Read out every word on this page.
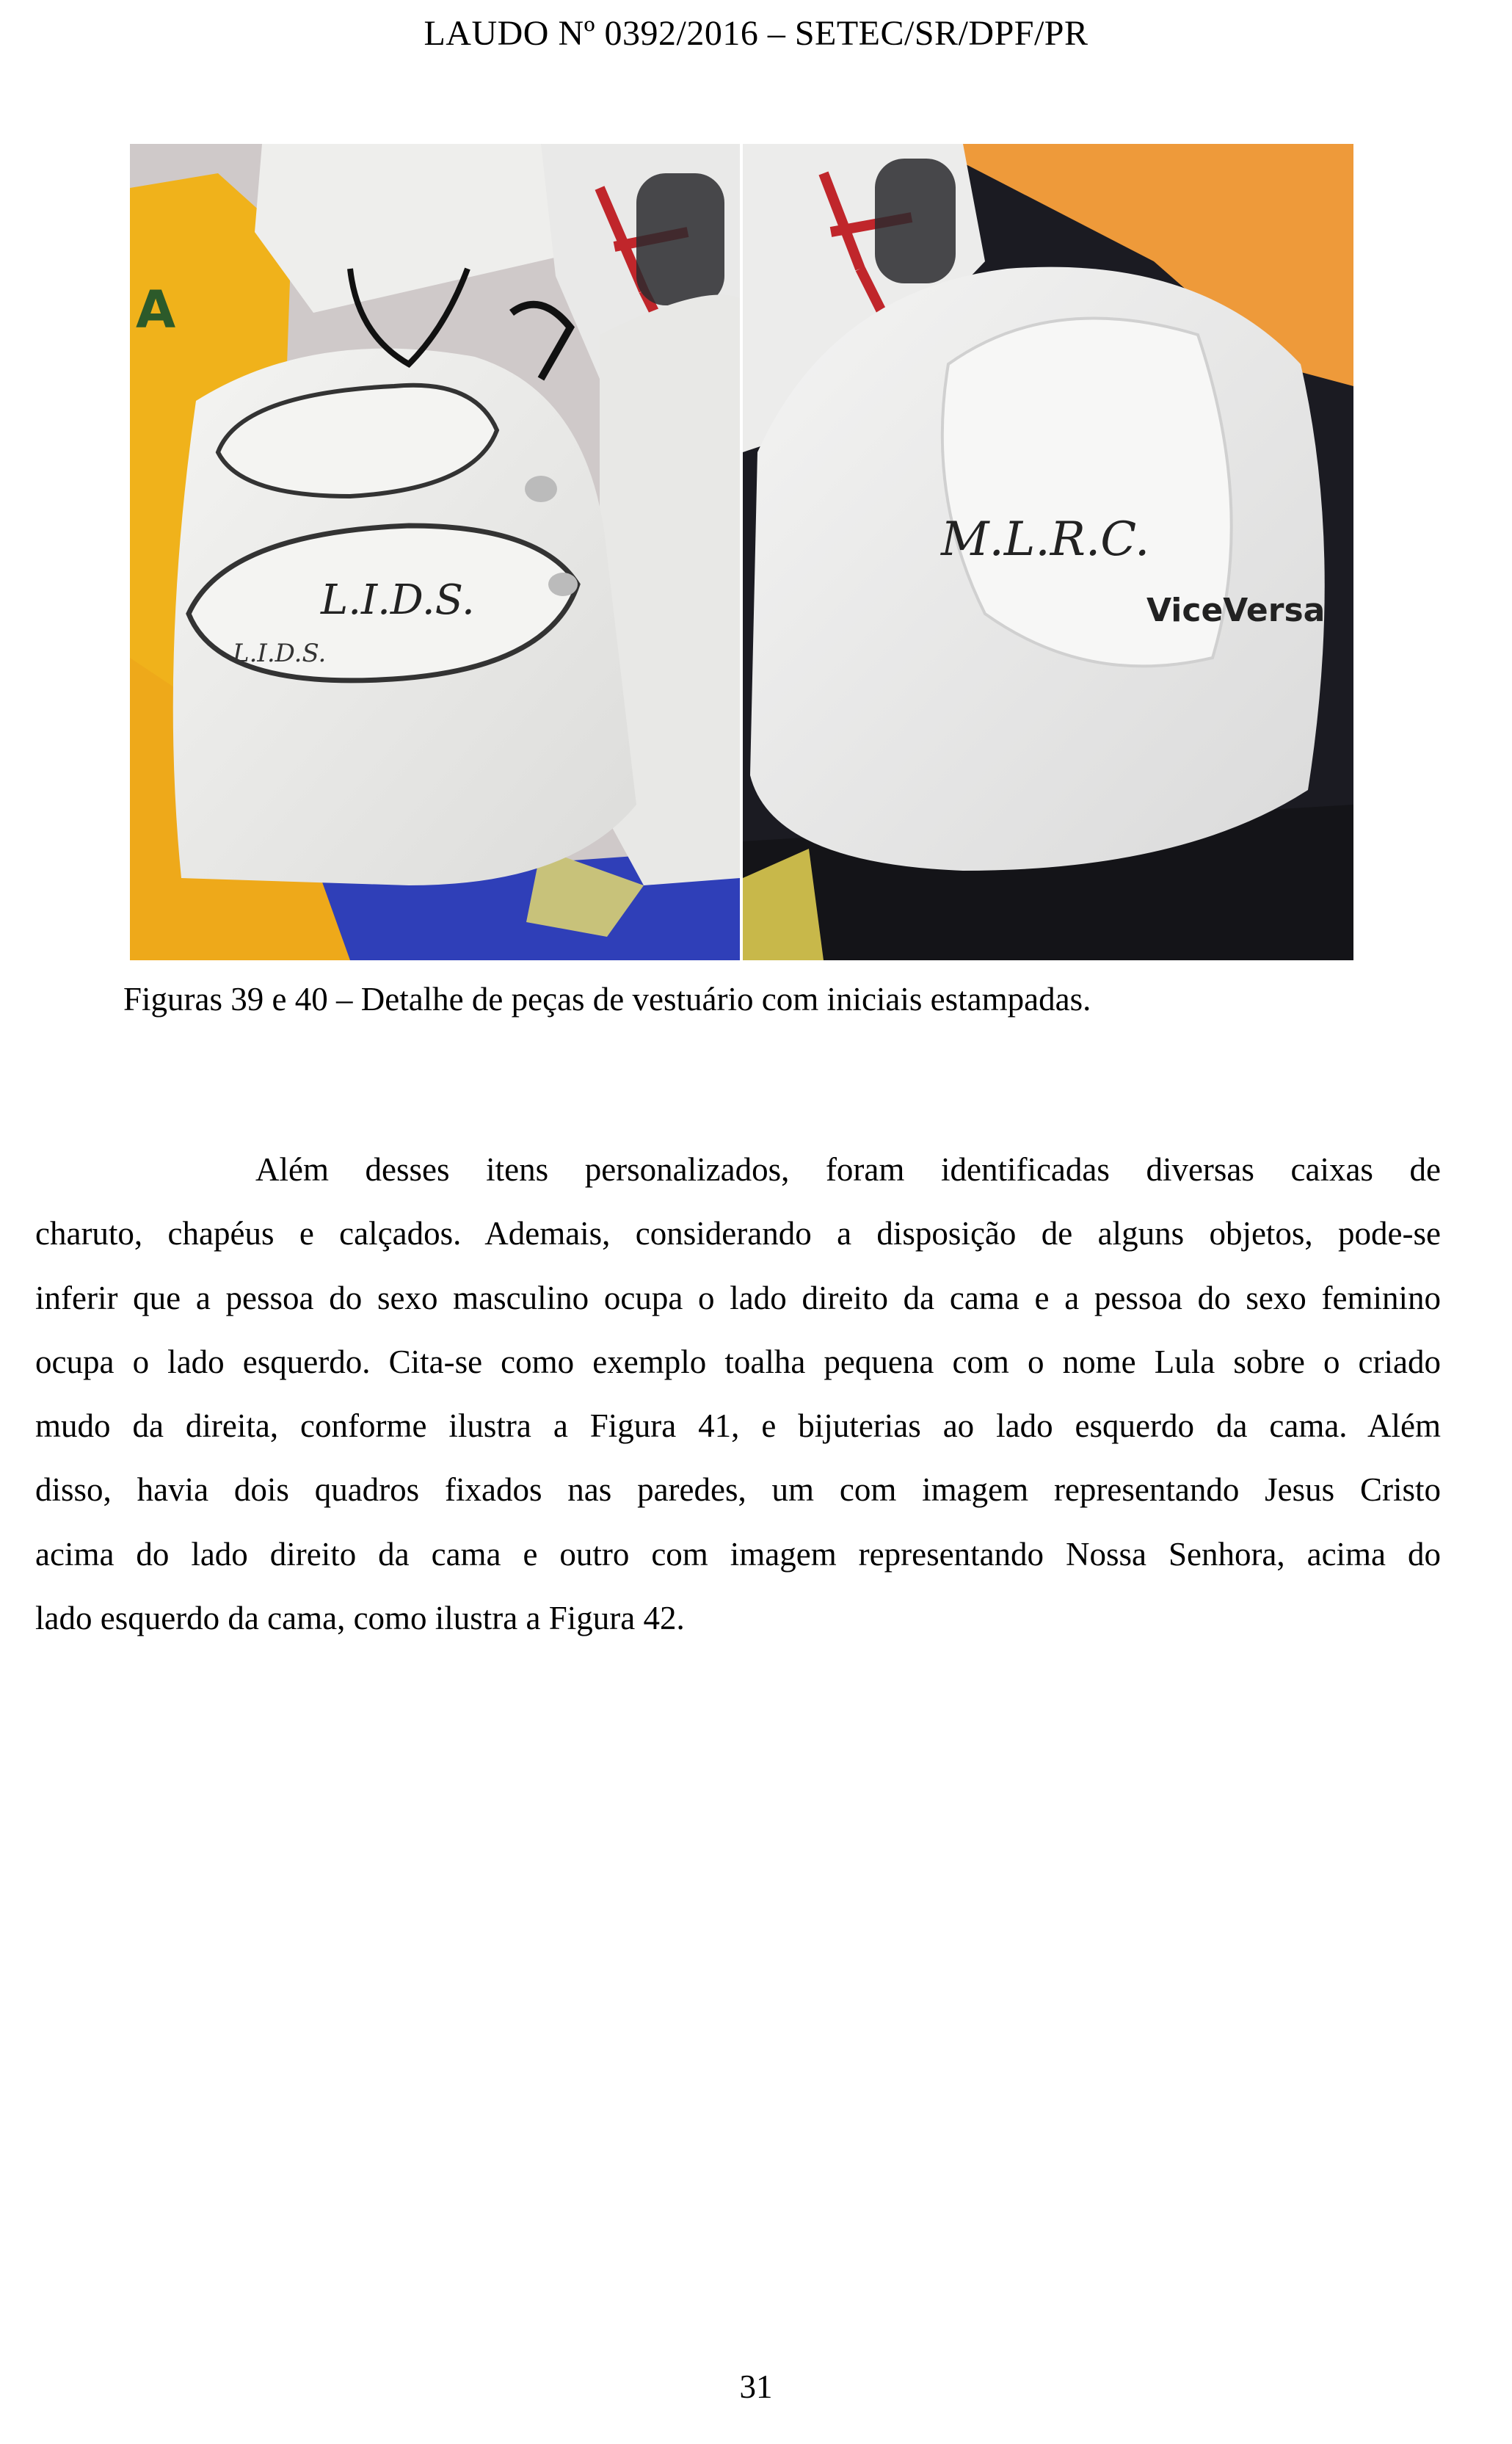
LAUDO Nº 0392/2016 – SETEC/SR/DPF/PR
A
L.I.D.S.
L.I.D.S.
M.L.R.C.
ViceVersa
Figuras 39 e 40 – Detalhe de peças de vestuário com iniciais estampadas.
Além desses itens personalizados, foram identificadas diversas caixas de
charuto, chapéus e calçados. Ademais, considerando a disposição de alguns objetos, pode-se
inferir que a pessoa do sexo masculino ocupa o lado direito da cama e a pessoa do sexo feminino
ocupa o lado esquerdo. Cita-se como exemplo toalha pequena com o nome Lula sobre o criado
mudo da direita, conforme ilustra a Figura 41, e bijuterias ao lado esquerdo da cama. Além
disso, havia dois quadros fixados nas paredes, um com imagem representando Jesus Cristo
acima do lado direito da cama e outro com imagem representando Nossa Senhora, acima do
lado esquerdo da cama, como ilustra a Figura 42.
31
